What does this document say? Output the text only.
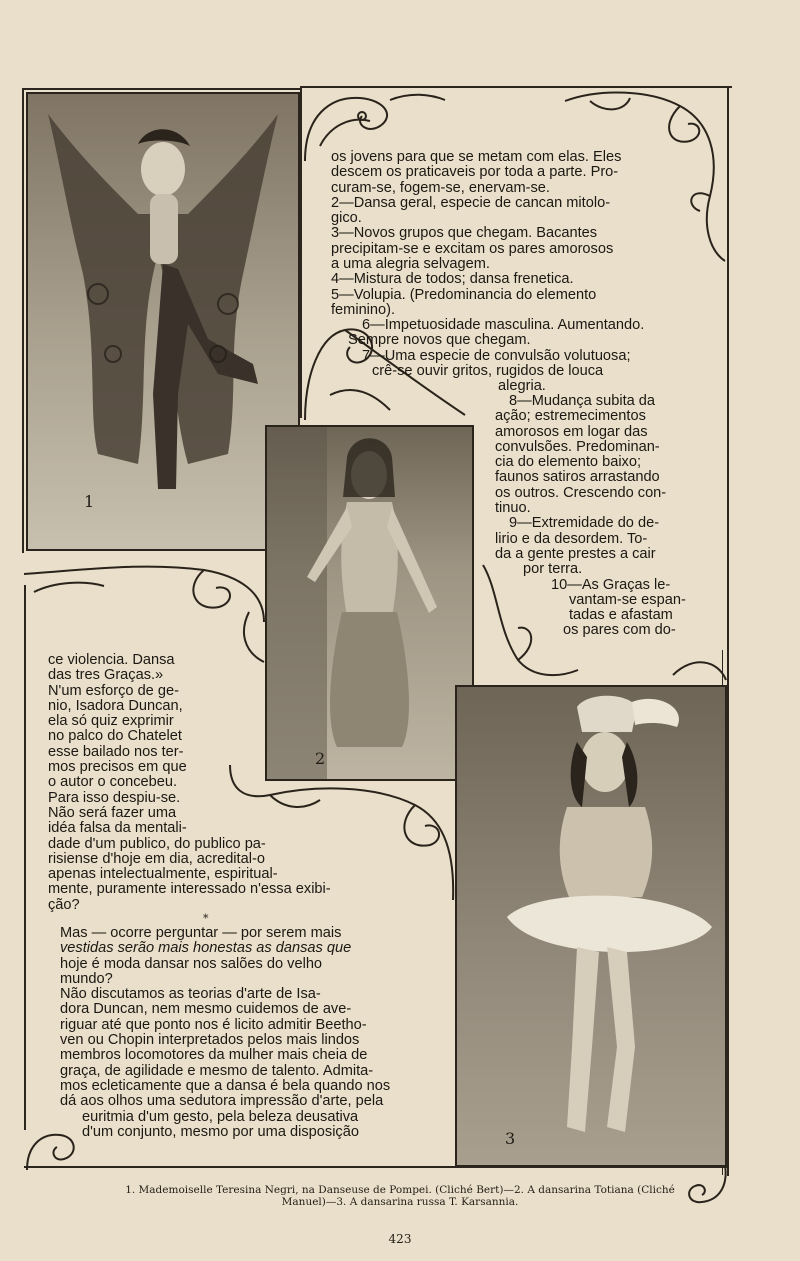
1
2
3
os jovens para que se metam com elas. Eles
descem os praticaveis por toda a parte. Pro-
curam-se, fogem-se, enervam-se.
2—Dansa geral, especie de cancan mitolo-
gico.
3—Novos grupos que chegam. Bacantes
precipitam-se e excitam os pares amorosos
a uma alegria selvagem.
4—Mistura de todos; dansa frenetica.
5—Volupia. (Predominancia do elemento
feminino).
6—Impetuosidade masculina. Aumentando.
Sempre novos que chegam.
7—Uma especie de convulsão volutuosa;
crê-se ouvir gritos, rugidos de louca
alegria.
8—Mudança subita da
ação; estremecimentos
amorosos em logar das
convulsões. Predominan-
cia do elemento baixo;
faunos satiros arrastando
os outros. Crescendo con-
tinuo.
9—Extremidade do de-
lirio e da desordem. To-
da a gente prestes a cair
por terra.
10—As Graças le-
vantam-se espan-
tadas e afastam
os pares com do-
ce violencia. Dansa
das tres Graças.»
N'um esforço de ge-
nio, Isadora Duncan,
ela só quiz exprimir
no palco do Chatelet
esse bailado nos ter-
mos precisos em que
o autor o concebeu.
Para isso despiu-se.
Não será fazer uma
idéa falsa da mentali-
dade d'um publico, do publico pa-
risiense d'hoje em dia, acredital-o
apenas intelectualmente, espiritual-
mente, puramente interessado n'essa exibi-
ção?
*
Mas — ocorre perguntar — por serem mais
vestidas serão mais honestas as dansas que
hoje é moda dansar nos salões do velho
mundo?
Não discutamos as teorias d'arte de Isa-
dora Duncan, nem mesmo cuidemos de ave-
riguar até que ponto nos é licito admitir Beetho-
ven ou Chopin interpretados pelos mais lindos
membros locomotores da mulher mais cheia de
graça, de agilidade e mesmo de talento. Admita-
mos ecleticamente que a dansa é bela quando nos
dá aos olhos uma sedutora impressão d'arte, pela
euritmia d'um gesto, pela beleza deusativa
d'um conjunto, mesmo por uma disposição
1. Mademoiselle Teresina Negri, na Danseuse de Pompei. (Cliché Bert)—2. A dansarina Totiana (Cliché
Manuel)—3. A dansarina russa T. Karsannia.
423
